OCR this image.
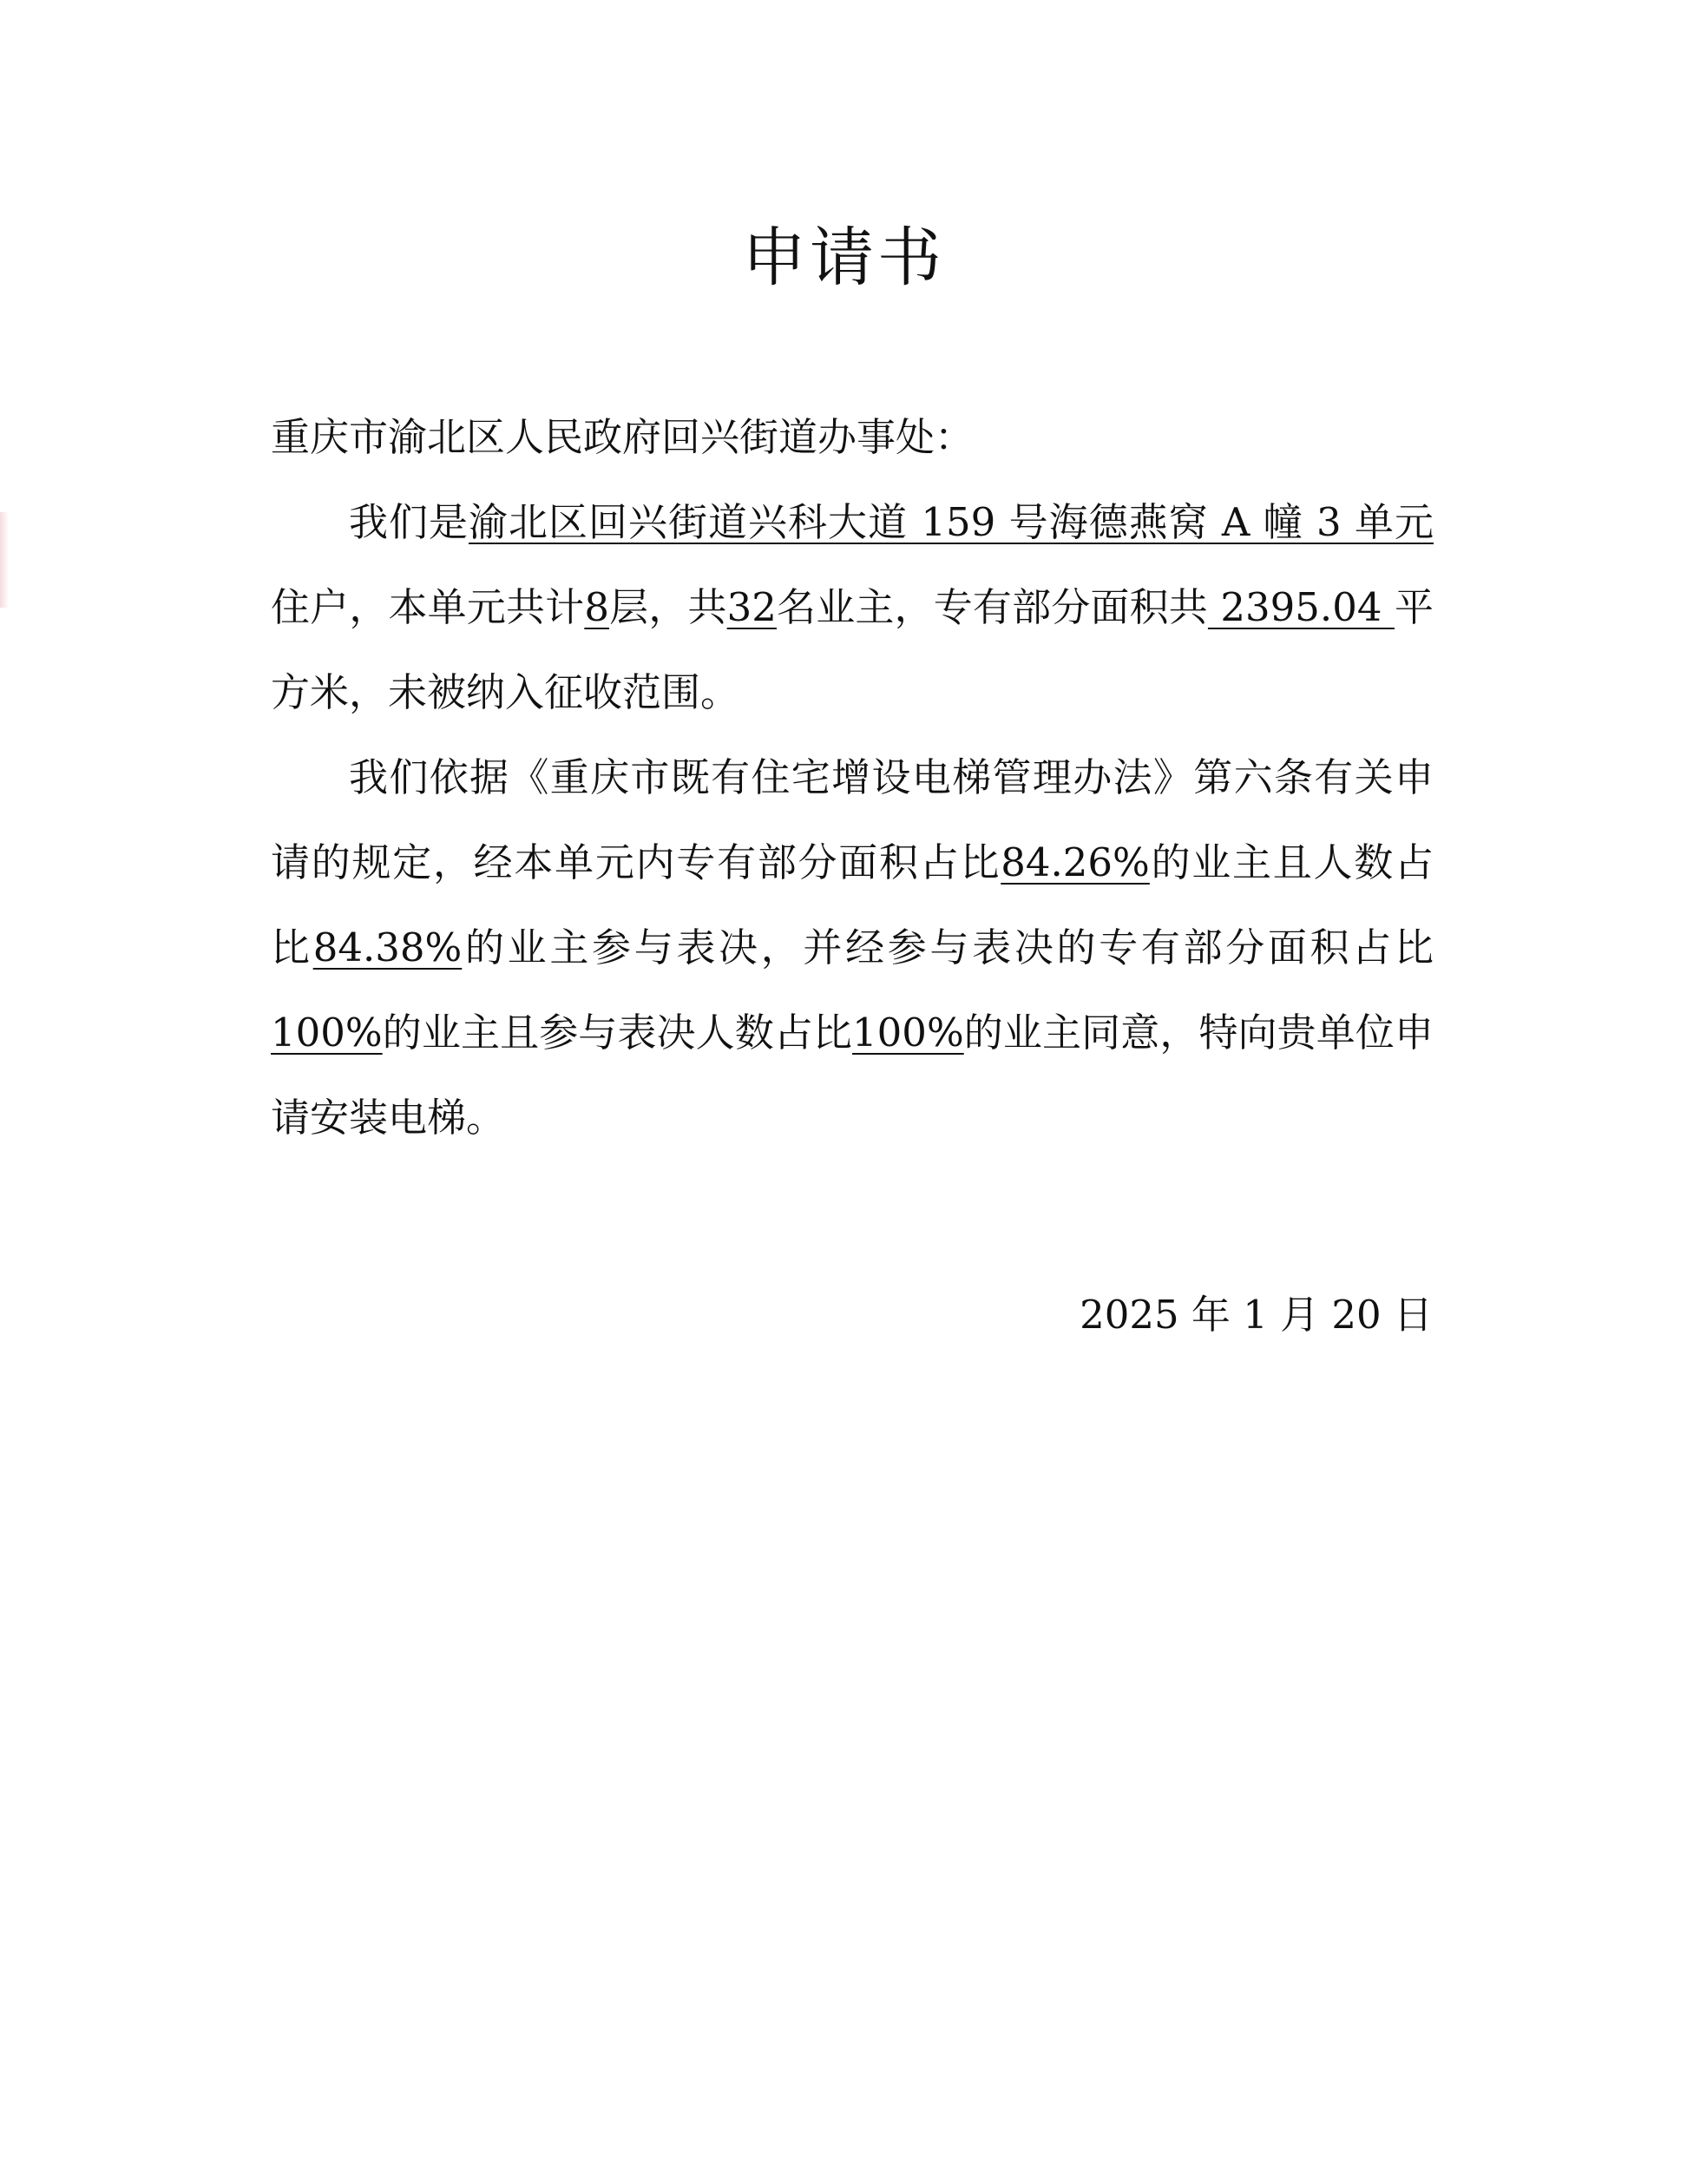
申请书

重庆市渝北区人民政府回兴街道办事处：

我们是渝北区回兴街道兴科大道 159 号海德燕窝 A 幢 3 单元住户，本单元共计8层，共32名业主，专有部分面积共 2395.04 平方米，未被纳入征收范围。

我们依据《重庆市既有住宅增设电梯管理办法》第六条有关申请的规定，经本单元内专有部分面积占比84.26%的业主且人数占比84.38%的业主参与表决，并经参与表决的专有部分面积占比100%的业主且参与表决人数占比100%的业主同意，特向贵单位申请安装电梯。

2025 年 1 月 20 日
